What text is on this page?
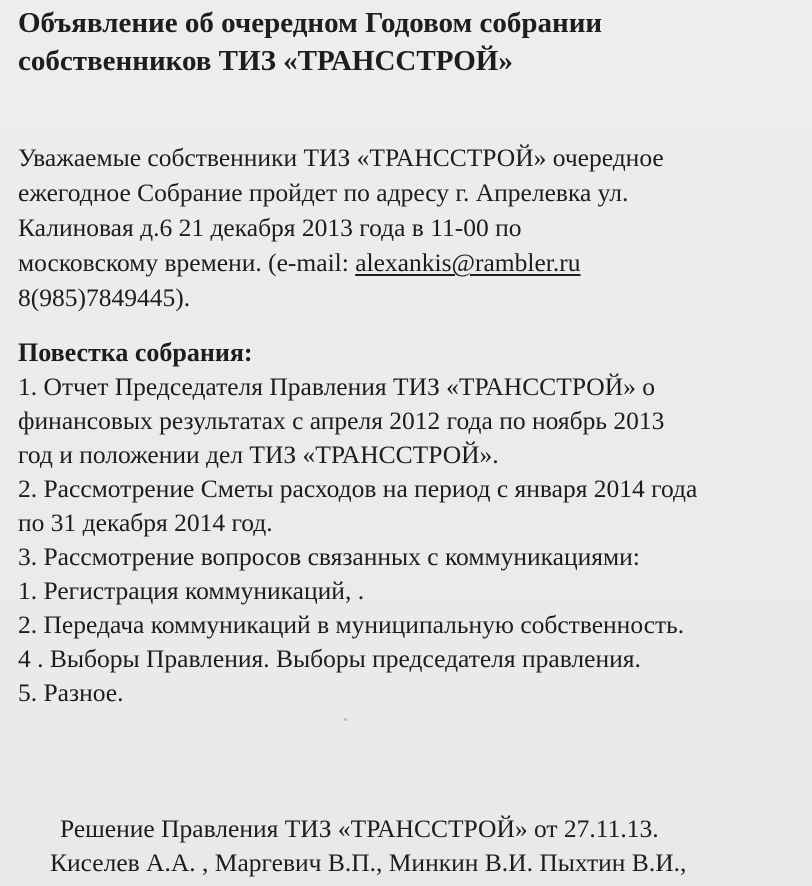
Объявление об очередном Годовом собрании
собственников ТИЗ «ТРАНССТРОЙ»

Уважаемые собственники ТИЗ «ТРАНССТРОЙ» очередное
ежегодное Собрание пройдет по адресу г. Апрелевка ул.
Калиновая д.6 21 декабря 2013 года в 11-00 по
московскому времени. (e-mail: alexankis@rambler.ru
8(985)7849445).

Повестка собрания:
1. Отчет Председателя Правления ТИЗ «ТРАНССТРОЙ» о
финансовых результатах с апреля 2012 года по ноябрь 2013
год и положении дел ТИЗ «ТРАНССТРОЙ».
2. Рассмотрение Сметы расходов на период с января 2014 года
по 31 декабря 2014 год.
3. Рассмотрение вопросов связанных с коммуникациями:
1. Регистрация коммуникаций, .
2. Передача коммуникаций в муниципальную собственность.
4 . Выборы Правления. Выборы председателя правления.
5. Разное.

Решение Правления ТИЗ «ТРАНССТРОЙ» от 27.11.13.
Киселев А.А. , Маргевич В.П., Минкин В.И. Пыхтин В.И.,
